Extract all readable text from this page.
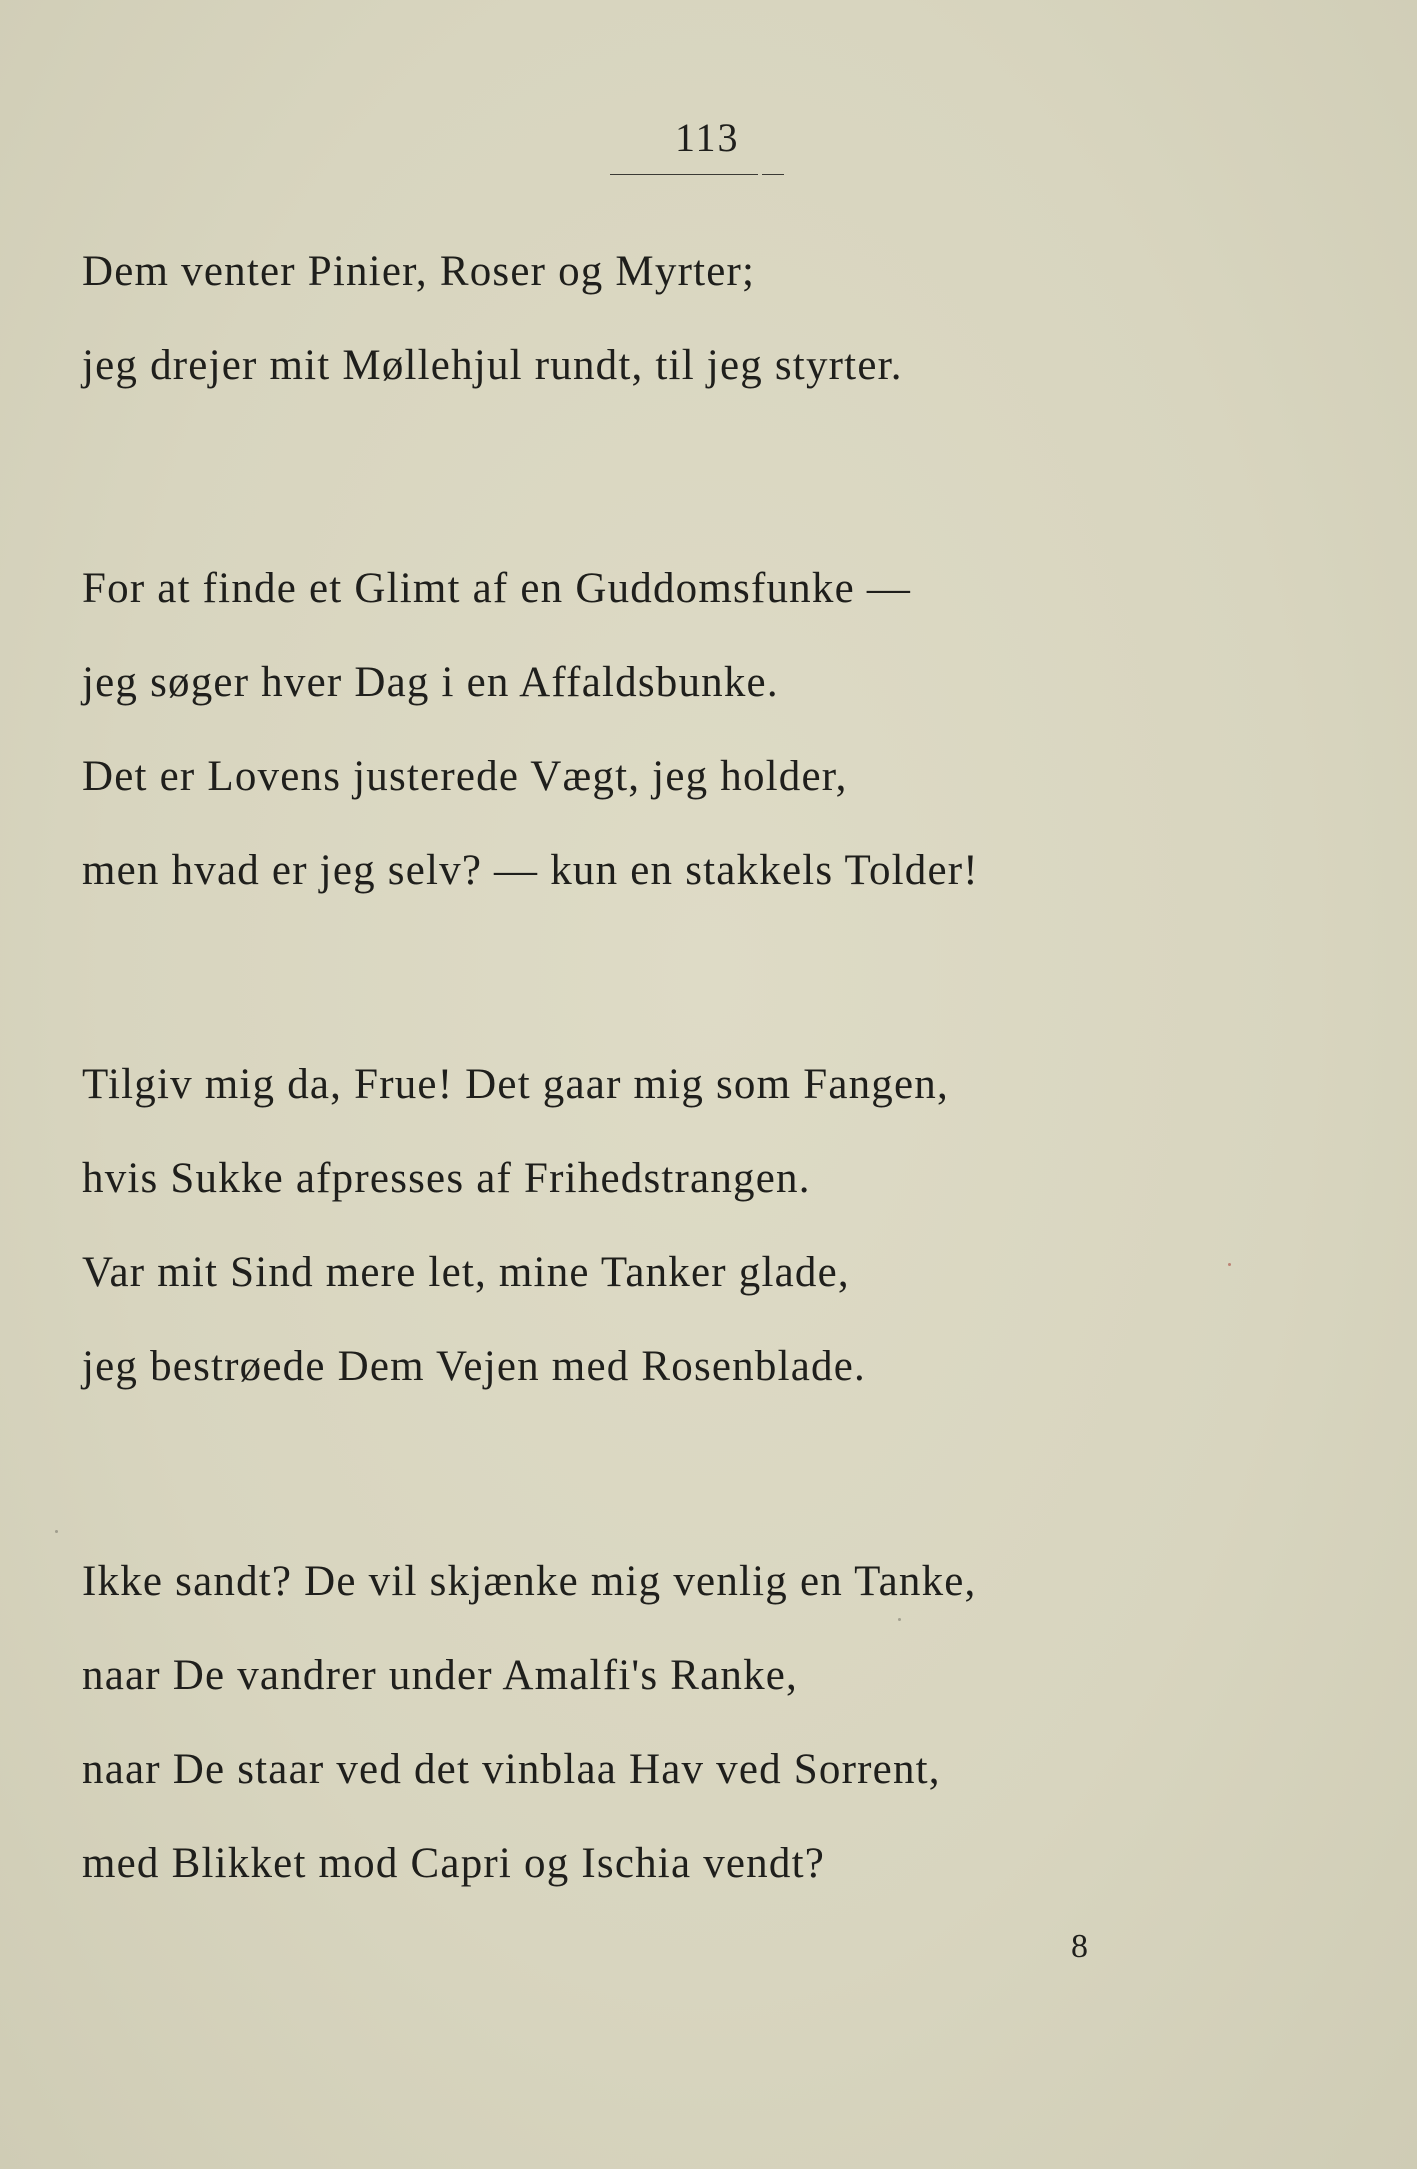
113
Dem venter Pinier, Roser og Myrter;
jeg drejer mit Møllehjul rundt, til jeg styrter.
For at finde et Glimt af en Guddomsfunke —
jeg søger hver Dag i en Affaldsbunke.
Det er Lovens justerede Vægt, jeg holder,
men hvad er jeg selv? — kun en stakkels Tolder!
Tilgiv mig da, Frue! Det gaar mig som Fangen,
hvis Sukke afpresses af Frihedstrangen.
Var mit Sind mere let, mine Tanker glade,
jeg bestrøede Dem Vejen med Rosenblade.
Ikke sandt? De vil skjænke mig venlig en Tanke,
naar De vandrer under Amalfi's Ranke,
naar De staar ved det vinblaa Hav ved Sorrent,
med Blikket mod Capri og Ischia vendt?
8
